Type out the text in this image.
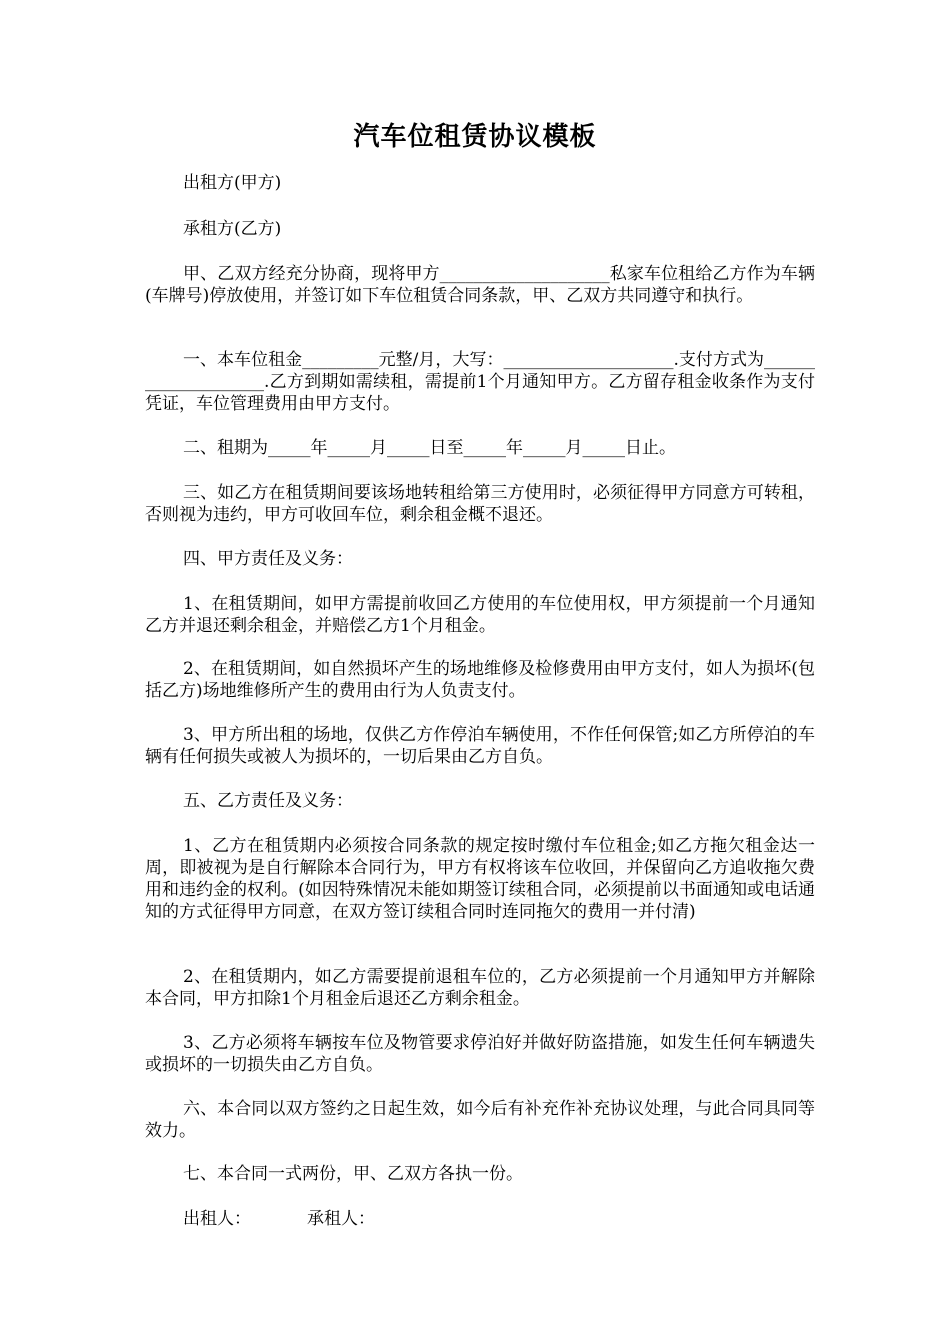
汽车位租赁协议模板
出租方(甲方)
承租方(乙方)
甲、乙双方经充分协商，现将甲方____________________私家车位租给乙方作为车辆(车牌号)停放使用，并签订如下车位租赁合同条款，甲、乙双方共同遵守和执行。
一、本车位租金_________元整/月，大写：____________________.支付方式为____________________.乙方到期如需续租，需提前1个月通知甲方。乙方留存租金收条作为支付凭证，车位管理费用由甲方支付。
二、租期为_____年_____月_____日至_____年_____月_____日止。
三、如乙方在租赁期间要该场地转租给第三方使用时，必须征得甲方同意方可转租，否则视为违约，甲方可收回车位，剩余租金概不退还。
四、甲方责任及义务：
1、在租赁期间，如甲方需提前收回乙方使用的车位使用权，甲方须提前一个月通知乙方并退还剩余租金，并赔偿乙方1个月租金。
2、在租赁期间，如自然损坏产生的场地维修及检修费用由甲方支付，如人为损坏(包括乙方)场地维修所产生的费用由行为人负责支付。
3、甲方所出租的场地，仅供乙方作停泊车辆使用，不作任何保管;如乙方所停泊的车辆有任何损失或被人为损坏的，一切后果由乙方自负。
五、乙方责任及义务：
1、乙方在租赁期内必须按合同条款的规定按时缴付车位租金;如乙方拖欠租金达一周，即被视为是自行解除本合同行为，甲方有权将该车位收回，并保留向乙方追收拖欠费用和违约金的权利。(如因特殊情况未能如期签订续租合同，必须提前以书面通知或电话通知的方式征得甲方同意，在双方签订续租合同时连同拖欠的费用一并付清)
2、在租赁期内，如乙方需要提前退租车位的，乙方必须提前一个月通知甲方并解除本合同，甲方扣除1个月租金后退还乙方剩余租金。
3、乙方必须将车辆按车位及物管要求停泊好并做好防盗措施，如发生任何车辆遗失或损坏的一切损失由乙方自负。
六、本合同以双方签约之日起生效，如今后有补充作补充协议处理，与此合同具同等效力。
七、本合同一式两份，甲、乙双方各执一份。
出租人：	承租人：
